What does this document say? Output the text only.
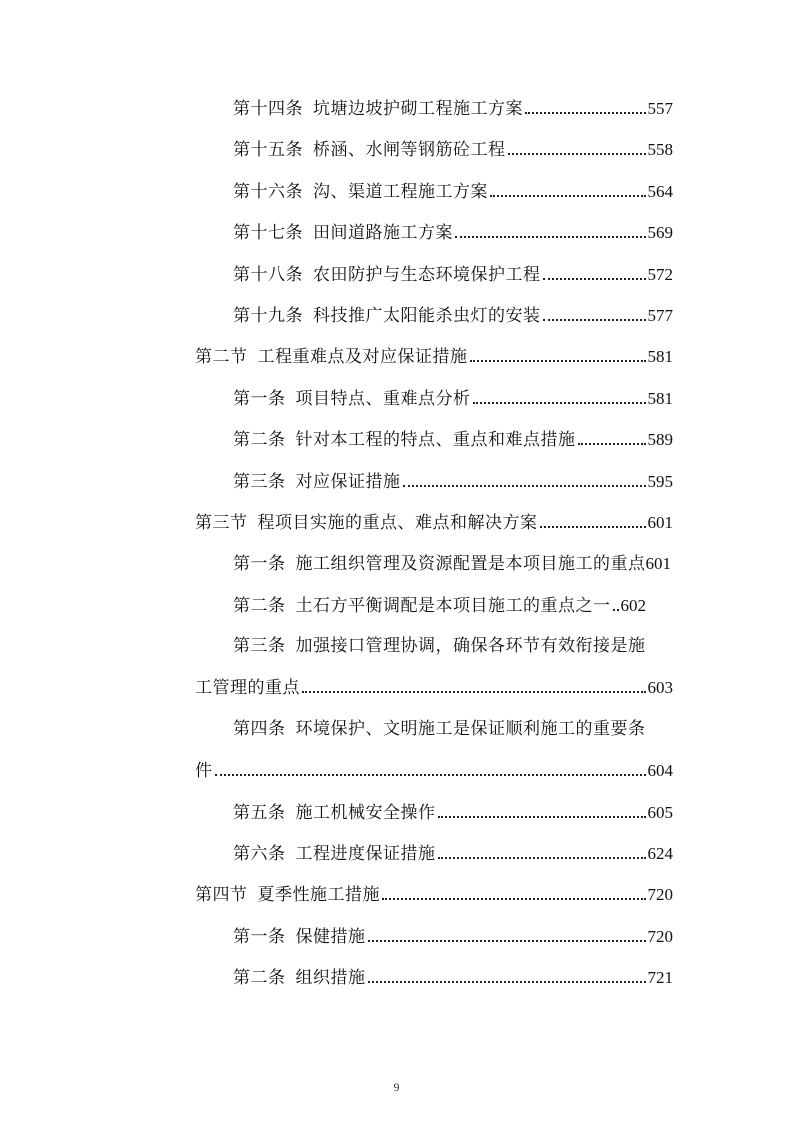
第十四条 坑塘边坡护砌工程施工方案	557
第十五条 桥涵、水闸等钢筋砼工程	558
第十六条 沟、渠道工程施工方案	564
第十七条 田间道路施工方案	569
第十八条 农田防护与生态环境保护工程	572
第十九条 科技推广太阳能杀虫灯的安装	577
第二节 工程重难点及对应保证措施	581
第一条 项目特点、重难点分析	581
第二条 针对本工程的特点、重点和难点措施	589
第三条 对应保证措施	595
第三节 程项目实施的重点、难点和解决方案	601
第一条 施工组织管理及资源配置是本项目施工的重点 601
第二条 土石方平衡调配是本项目施工的重点之一 602
第三条 加强接口管理协调，确保各环节有效衔接是施
工管理的重点	603
第四条 环境保护、文明施工是保证顺利施工的重要条
件	604
第五条 施工机械安全操作	605
第六条 工程进度保证措施	624
第四节 夏季性施工措施	720
第一条 保健措施	720
第二条 组织措施	721
9
